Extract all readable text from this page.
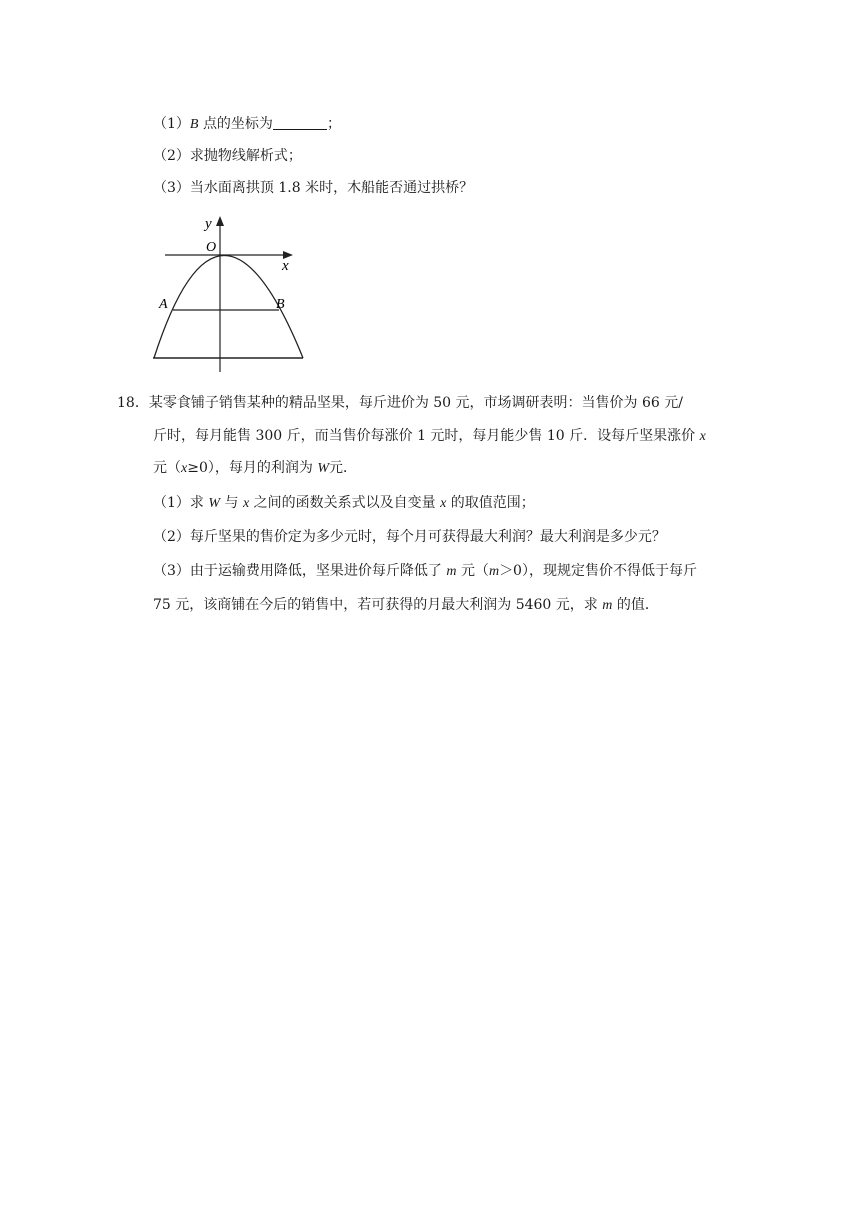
（1）B 点的坐标为	；
（2）求抛物线解析式；
（3）当水面离拱顶 1.8 米时，木船能否通过拱桥？
y
x
O
A	B
18．某零食铺子销售某种的精品坚果，每斤进价为 50 元，市场调研表明：当售价为 66 元/
斤时，每月能售 300 斤，而当售价每涨价 1 元时，每月能少售 10 斤．设每斤坚果涨价 x
元（x≥0），每月的利润为 W元．
（1）求 W 与 x 之间的函数关系式以及自变量 x 的取值范围；
（2）每斤坚果的售价定为多少元时，每个月可获得最大利润？最大利润是多少元？
（3）由于运输费用降低，坚果进价每斤降低了 m 元（m＞0），现规定售价不得低于每斤
75 元，该商铺在今后的销售中，若可获得的月最大利润为 5460 元，求 m 的值．
